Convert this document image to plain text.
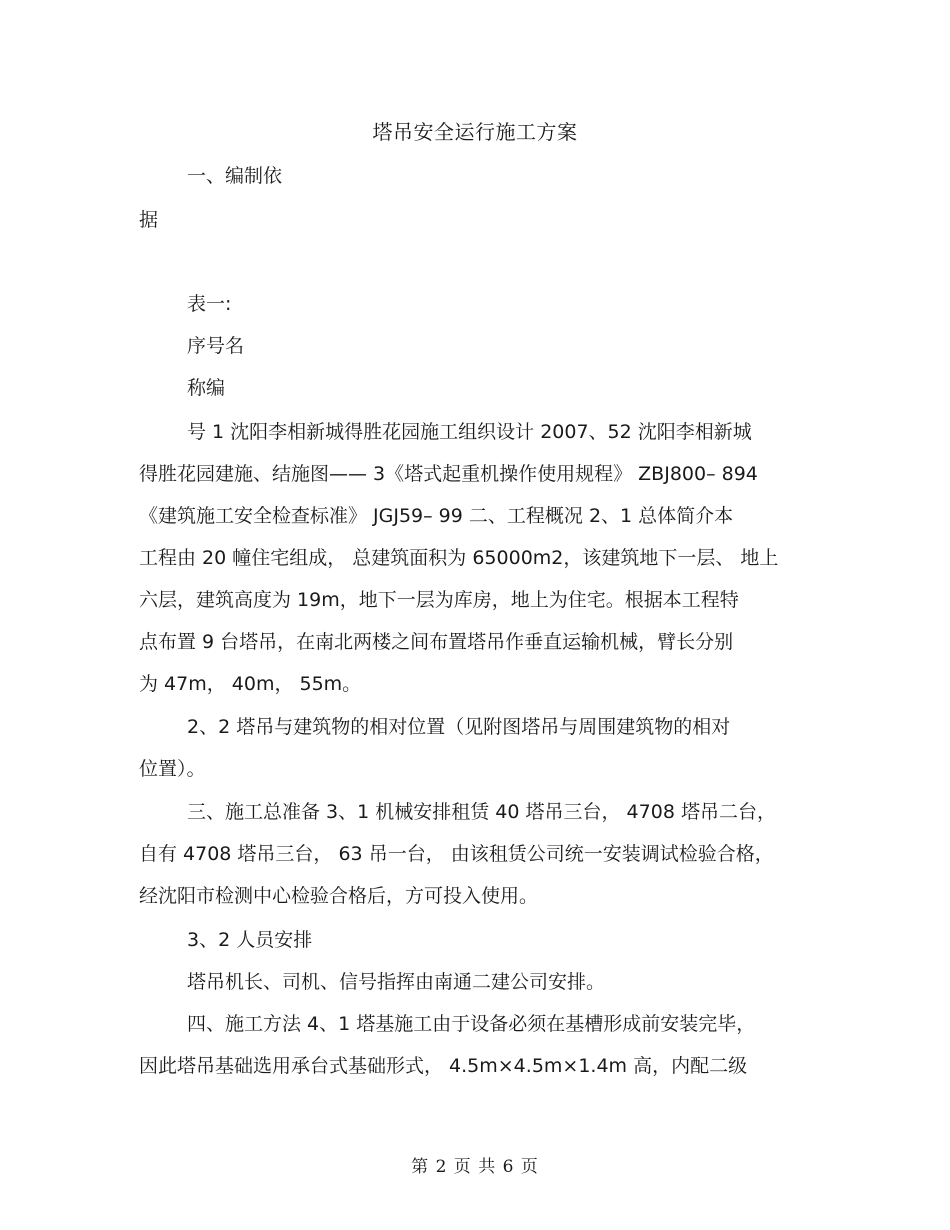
塔吊安全运行施工方案
一、编制依
据
表一:
序号名
称编
号 1 沈阳李相新城得胜花园施工组织设计 2007、52 沈阳李相新城
得胜花园建施、结施图—— 3《塔式起重机操作使用规程》 ZBJ800– 894
《建筑施工安全检查标准》 JGJ59– 99 二、工程概况 2、1 总体简介本
工程由 20 幢住宅组成， 总建筑面积为 65000m2，该建筑地下一层、 地上
六层，建筑高度为 19m，地下一层为库房，地上为住宅。根据本工程特
点布置 9 台塔吊，在南北两楼之间布置塔吊作垂直运输机械，臂长分别
为 47m， 40m， 55m。
2、2 塔吊与建筑物的相对位置（见附图塔吊与周围建筑物的相对
位置）。
三、施工总准备 3、1 机械安排租赁 40 塔吊三台， 4708 塔吊二台，
自有 4708 塔吊三台， 63 吊一台， 由该租赁公司统一安装调试检验合格，
经沈阳市检测中心检验合格后，方可投入使用。
3、2 人员安排
塔吊机长、司机、信号指挥由南通二建公司安排。
四、施工方法 4、1 塔基施工由于设备必须在基槽形成前安装完毕，
因此塔吊基础选用承台式基础形式， 4.5m×4.5m×1.4m 高，内配二级
第 2 页 共 6 页
